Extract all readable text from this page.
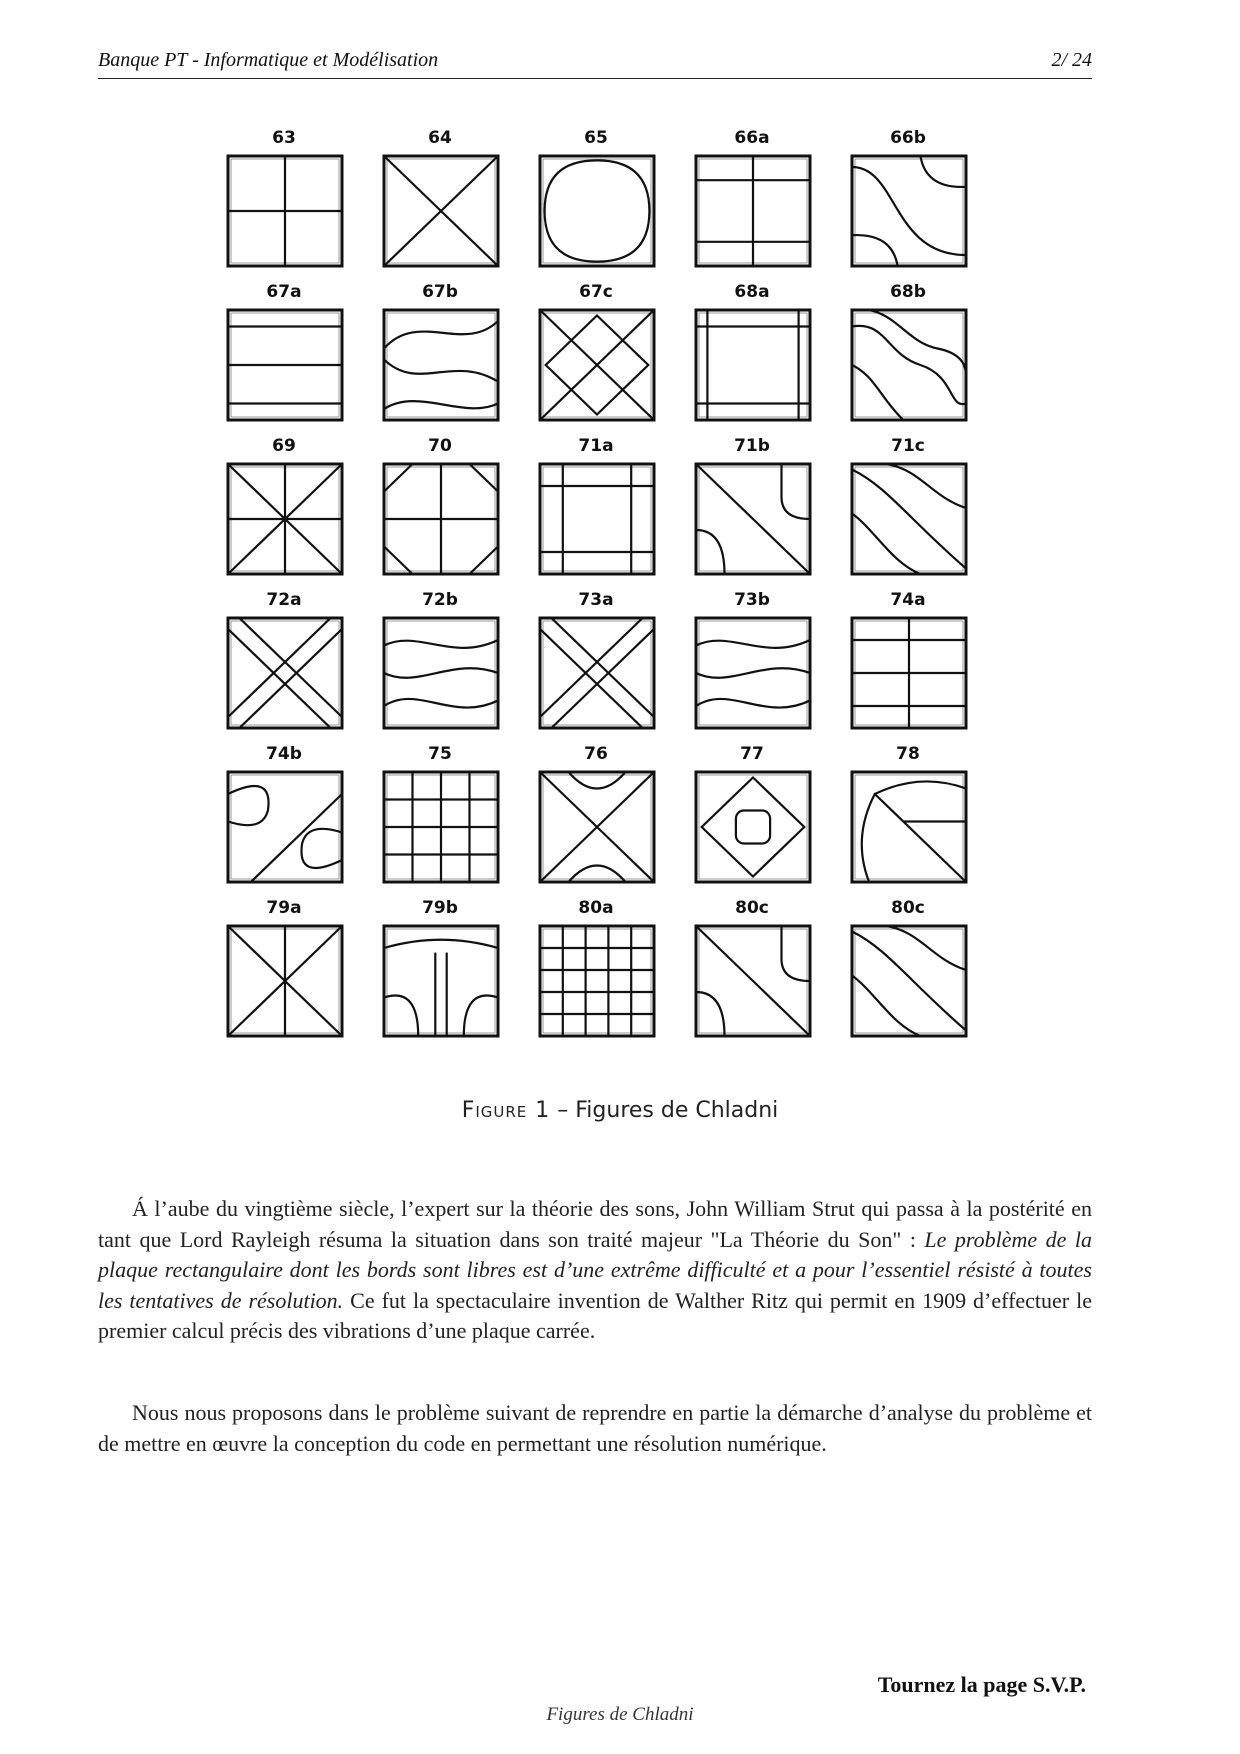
Banque PT - Informatique et Modélisation	2/ 24
63	64	65	66a	66b
67a	67b	67c	68a	68b
69	70	71a	71b	71c
72a	72b	73a	73b	74a
74b	75	76	77	78
79a	79b	80a	80c	80c
Figure 1 – Figures de Chladni

Á l’aube du vingtième siècle, l’expert sur la théorie des sons, John William Strut qui passa à la postérité en tant que Lord Rayleigh résuma la situation dans son traité majeur "La Théorie du Son" : Le problème de la plaque rectangulaire dont les bords sont libres est d’une extrême difficulté et a pour l’essentiel résisté à toutes les tentatives de résolution. Ce fut la spectaculaire invention de Walther Ritz qui permit en 1909 d’effectuer le premier calcul précis des vibrations d’une plaque carrée.

Nous nous proposons dans le problème suivant de reprendre en partie la démarche d’analyse du problème et de mettre en œuvre la conception du code en permettant une résolution numérique.

Tournez la page S.V.P.
Figures de Chladni
